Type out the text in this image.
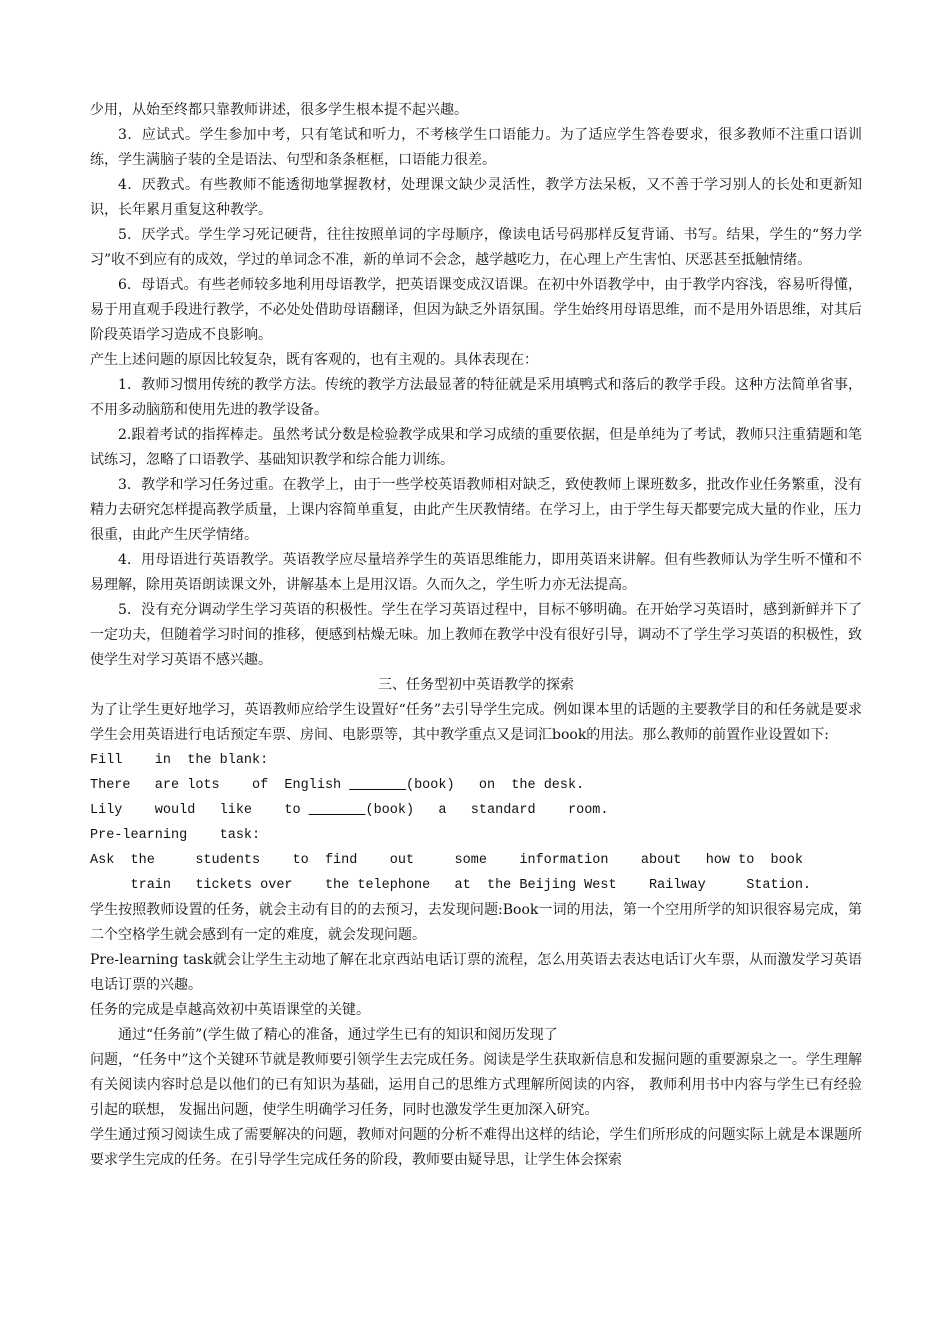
少用，从始至终都只靠教师讲述，很多学生根本提不起兴趣。
3．应试式。学生参加中考，只有笔试和听力，不考核学生口语能力。为了适应学生答卷要求，很多教师不注重口语训练，学生满脑子装的全是语法、句型和条条框框，口语能力很差。
4．厌教式。有些教师不能透彻地掌握教材，处理课文缺少灵活性，教学方法呆板，又不善于学习别人的长处和更新知识，长年累月重复这种教学。
5．厌学式。学生学习死记硬背，往往按照单词的字母顺序，像读电话号码那样反复背诵、书写。结果，学生的“努力学习”收不到应有的成效，学过的单词念不准，新的单词不会念，越学越吃力，在心理上产生害怕、厌恶甚至抵触情绪。
6．母语式。有些老师较多地利用母语教学，把英语课变成汉语课。在初中外语教学中，由于教学内容浅，容易听得懂，易于用直观手段进行教学，不必处处借助母语翻译，但因为缺乏外语氛围。学生始终用母语思维，而不是用外语思维，对其后阶段英语学习造成不良影响。
产生上述问题的原因比较复杂，既有客观的，也有主观的。具体表现在：
1．教师习惯用传统的教学方法。传统的教学方法最显著的特征就是采用填鸭式和落后的教学手段。这种方法简单省事，不用多动脑筋和使用先进的教学设备。
2.跟着考试的指挥棒走。虽然考试分数是检验教学成果和学习成绩的重要依据，但是单纯为了考试，教师只注重猜题和笔试练习，忽略了口语教学、基础知识教学和综合能力训练。
3．教学和学习任务过重。在教学上，由于一些学校英语教师相对缺乏，致使教师上课班数多，批改作业任务繁重，没有精力去研究怎样提高教学质量，上课内容简单重复，由此产生厌教情绪。在学习上，由于学生每天都要完成大量的作业，压力很重，由此产生厌学情绪。
4．用母语进行英语教学。英语教学应尽量培养学生的英语思维能力，即用英语来讲解。但有些教师认为学生听不懂和不易理解，除用英语朗读课文外，讲解基本上是用汉语。久而久之，学生听力亦无法提高。
5．没有充分调动学生学习英语的积极性。学生在学习英语过程中，目标不够明确。在开始学习英语时，感到新鲜并下了一定功夫，但随着学习时间的推移，便感到枯燥无味。加上教师在教学中没有很好引导，调动不了学生学习英语的积极性，致使学生对学习英语不感兴趣。
三、任务型初中英语教学的探索
为了让学生更好地学习，英语教师应给学生设置好“任务”去引导学生完成。例如课本里的话题的主要教学目的和任务就是要求学生会用英语进行电话预定车票、房间、电影票等，其中教学重点又是词汇book的用法。那么教师的前置作业设置如下:
Fill    in  the blank:
There   are lots    of  English _______(book)   on  the desk.
Lily    would   like    to _______(book)   a   standard    room.
Pre-learning    task:
Ask  the     students    to  find    out     some    information    about   how to  book
train   tickets over    the telephone   at  the Beijing West    Railway     Station.
学生按照教师设置的任务，就会主动有目的的去预习，去发现问题:Book一词的用法，第一个空用所学的知识很容易完成，第二个空格学生就会感到有一定的难度，就会发现问题。
Pre-learning task就会让学生主动地了解在北京西站电话订票的流程，怎么用英语去表达电话订火车票，从而激发学习英语电话订票的兴趣。
任务的完成是卓越高效初中英语课堂的关键。
通过“任务前”(学生做了精心的准备，通过学生已有的知识和阅历发现了
问题，“任务中”这个关键环节就是教师要引领学生去完成任务。阅读是学生获取新信息和发掘问题的重要源泉之一。学生理解有关阅读内容时总是以他们的已有知识为基础，运用自己的思维方式理解所阅读的内容， 教师利用书中内容与学生已有经验引起的联想， 发掘出问题，使学生明确学习任务，同时也激发学生更加深入研究。
学生通过预习阅读生成了需要解决的问题，教师对问题的分析不难得出这样的结论，学生们所形成的问题实际上就是本课题所要求学生完成的任务。在引导学生完成任务的阶段，教师要由疑导思，让学生体会探索
